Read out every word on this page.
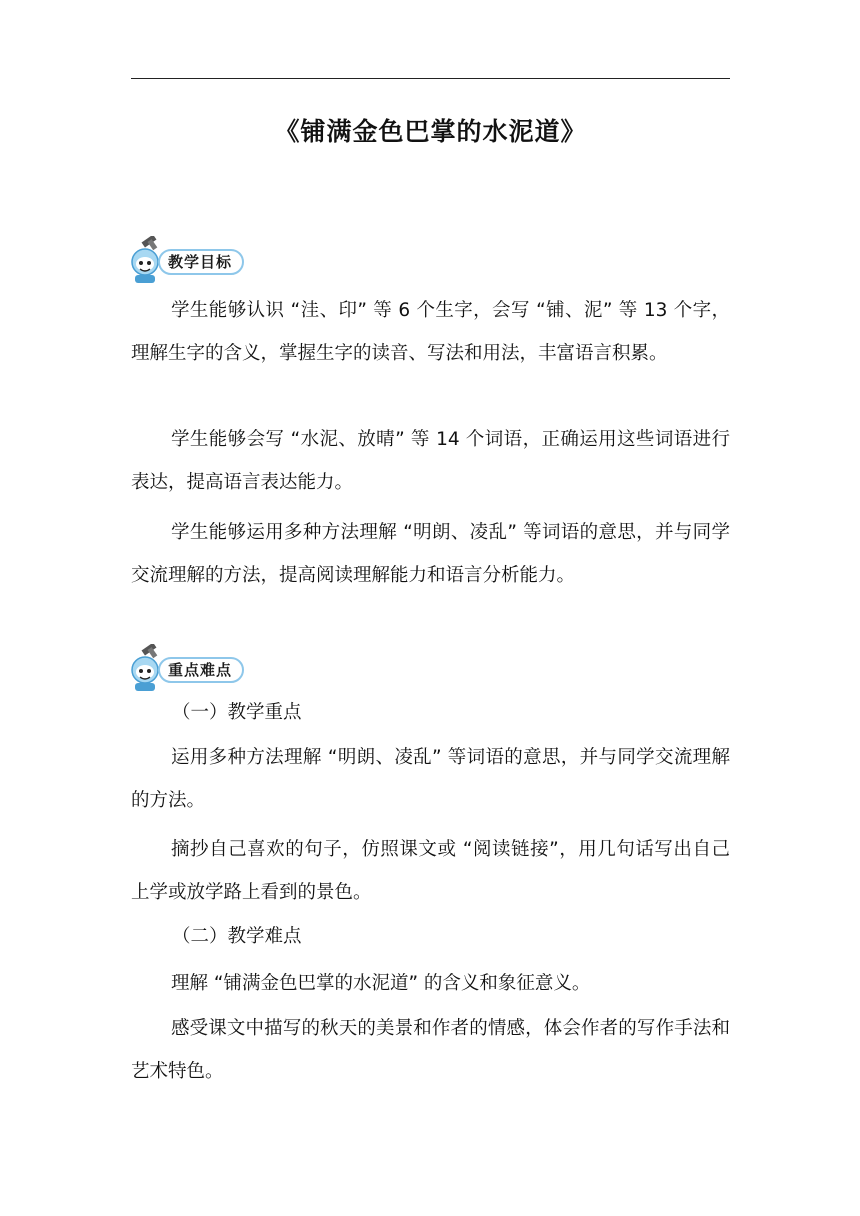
《铺满金色巴掌的水泥道》
教学目标

学生能够认识 “洼、印” 等 6 个生字，会写 “铺、泥” 等 13 个字，理解生字的含义，掌握生字的读音、写法和用法，丰富语言积累。

学生能够会写 “水泥、放晴” 等 14 个词语，正确运用这些词语进行表达，提高语言表达能力。

学生能够运用多种方法理解 “明朗、凌乱” 等词语的意思，并与同学交流理解的方法，提高阅读理解能力和语言分析能力。

重点难点

（一）教学重点

运用多种方法理解 “明朗、凌乱” 等词语的意思，并与同学交流理解的方法。

摘抄自己喜欢的句子，仿照课文或 “阅读链接”，用几句话写出自己上学或放学路上看到的景色。

（二）教学难点

理解 “铺满金色巴掌的水泥道” 的含义和象征意义。

感受课文中描写的秋天的美景和作者的情感，体会作者的写作手法和艺术特色。
